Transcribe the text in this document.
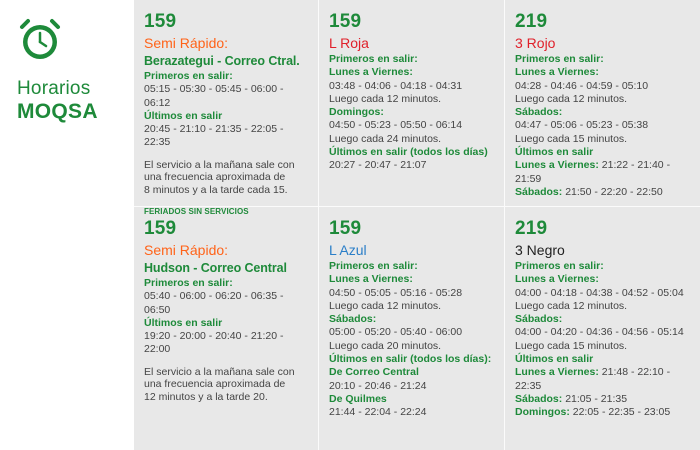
Horarios
MOQSA
159
Semi Rápido:
Berazategui - Correo Ctral.
Primeros en salir:
05:15 - 05:30 - 05:45 - 06:00 - 06:12
Últimos en salir
20:45 - 21:10 - 21:35 - 22:05 - 22:35
El servicio a la mañana sale con
una frecuencia aproximada de
8 minutos y a la tarde cada 15.
FERIADOS SIN SERVICIOS
159
L Roja
Primeros en salir:
Lunes a Viernes:
03:48 - 04:06 - 04:18 - 04:31
Luego cada 12 minutos.
Domingos:
04:50 - 05:23 - 05:50 - 06:14
Luego cada 24 minutos.
Últimos en salir (todos los días)
20:27 - 20:47 - 21:07
219
3 Rojo
Primeros en salir:
Lunes a Viernes:
04:28 - 04:46 - 04:59 - 05:10
Luego cada 12 minutos.
Sábados:
04:47 - 05:06 - 05:23 - 05:38
Luego cada 15 minutos.
Últimos en salir
Lunes a Viernes: 21:22 - 21:40 - 21:59
Sábados: 21:50 - 22:20 - 22:50
159
Semi Rápido:
Hudson - Correo Central
Primeros en salir:
05:40 - 06:00 - 06:20 - 06:35 - 06:50
Últimos en salir
19:20 - 20:00 - 20:40 - 21:20 - 22:00
El servicio a la mañana sale con
una frecuencia aproximada de
12 minutos y a la tarde 20.
159
L Azul
Primeros en salir:
Lunes a Viernes:
04:50 - 05:05 - 05:16 - 05:28
Luego cada 12 minutos.
Sábados:
05:00 - 05:20 - 05:40 - 06:00
Luego cada 20 minutos.
Últimos en salir (todos los días):
De Correo Central
20:10 - 20:46 - 21:24
De Quilmes
21:44 - 22:04 - 22:24
219
3 Negro
Primeros en salir:
Lunes a Viernes:
04:00 - 04:18 - 04:38 - 04:52 - 05:04
Luego cada 12 minutos.
Sábados:
04:00 - 04:20 - 04:36 - 04:56 - 05:14
Luego cada 15 minutos.
Últimos en salir
Lunes a Viernes: 21:48 - 22:10 - 22:35
Sábados: 21:05 - 21:35
Domingos: 22:05 - 22:35 - 23:05
